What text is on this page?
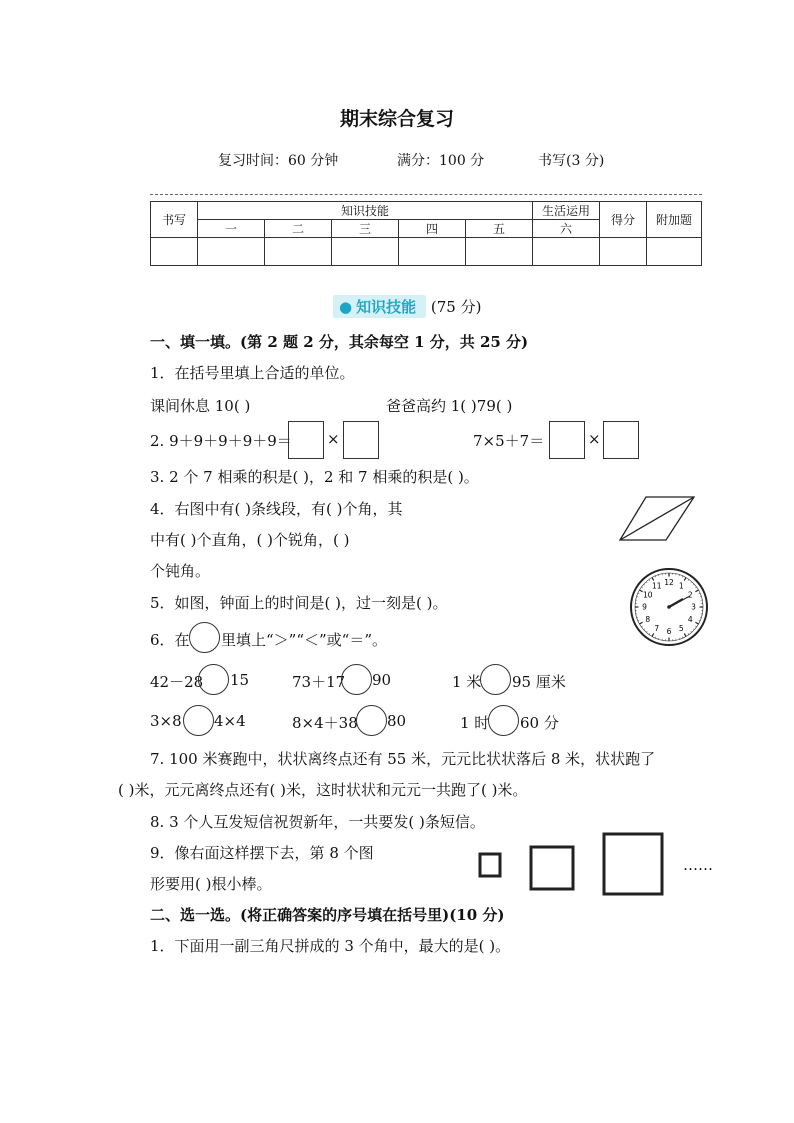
期末综合复习
复习时间：60 分钟	满分：100 分	书写(3 分)
书写	知识技能					生活运用	得分	附加题
	一	二	三	四	五	六		

● 知识技能 (75 分)
一、填一填。(第 2 题 2 分，其余每空 1 分，共 25 分)
1．在括号里填上合适的单位。
课间休息 10( )	爸爸高约 1( )79( )
2. 9＋9＋9＋9＋9＝ ×	7×5＋7＝	×
3. 2 个 7 相乘的积是( )，2 和 7 相乘的积是( )。
4．右图中有( )条线段，有( )个角，其
中有( )个直角，( )个锐角，( )
个钝角。
5．如图，钟面上的时间是( )，过一刻是( )。
12 1
2
3
4
5
6
7
8
9
10
11
6．在 里填上“＞”“＜”或“＝”。
42－28 15	73＋17 90	1 米 95 厘米
3×8 4×4	8×4＋38 80	1 时 60 分
7. 100 米赛跑中，状状离终点还有 55 米，元元比状状落后 8 米，状状跑了
( )米，元元离终点还有( )米，这时状状和元元一共跑了( )米。
8. 3 个人互发短信祝贺新年，一共要发( )条短信。
9．像右面这样摆下去，第 8 个图
形要用( )根小棒。
……
二、选一选。(将正确答案的序号填在括号里)(10 分)
1．下面用一副三角尺拼成的 3 个角中，最大的是( )。
